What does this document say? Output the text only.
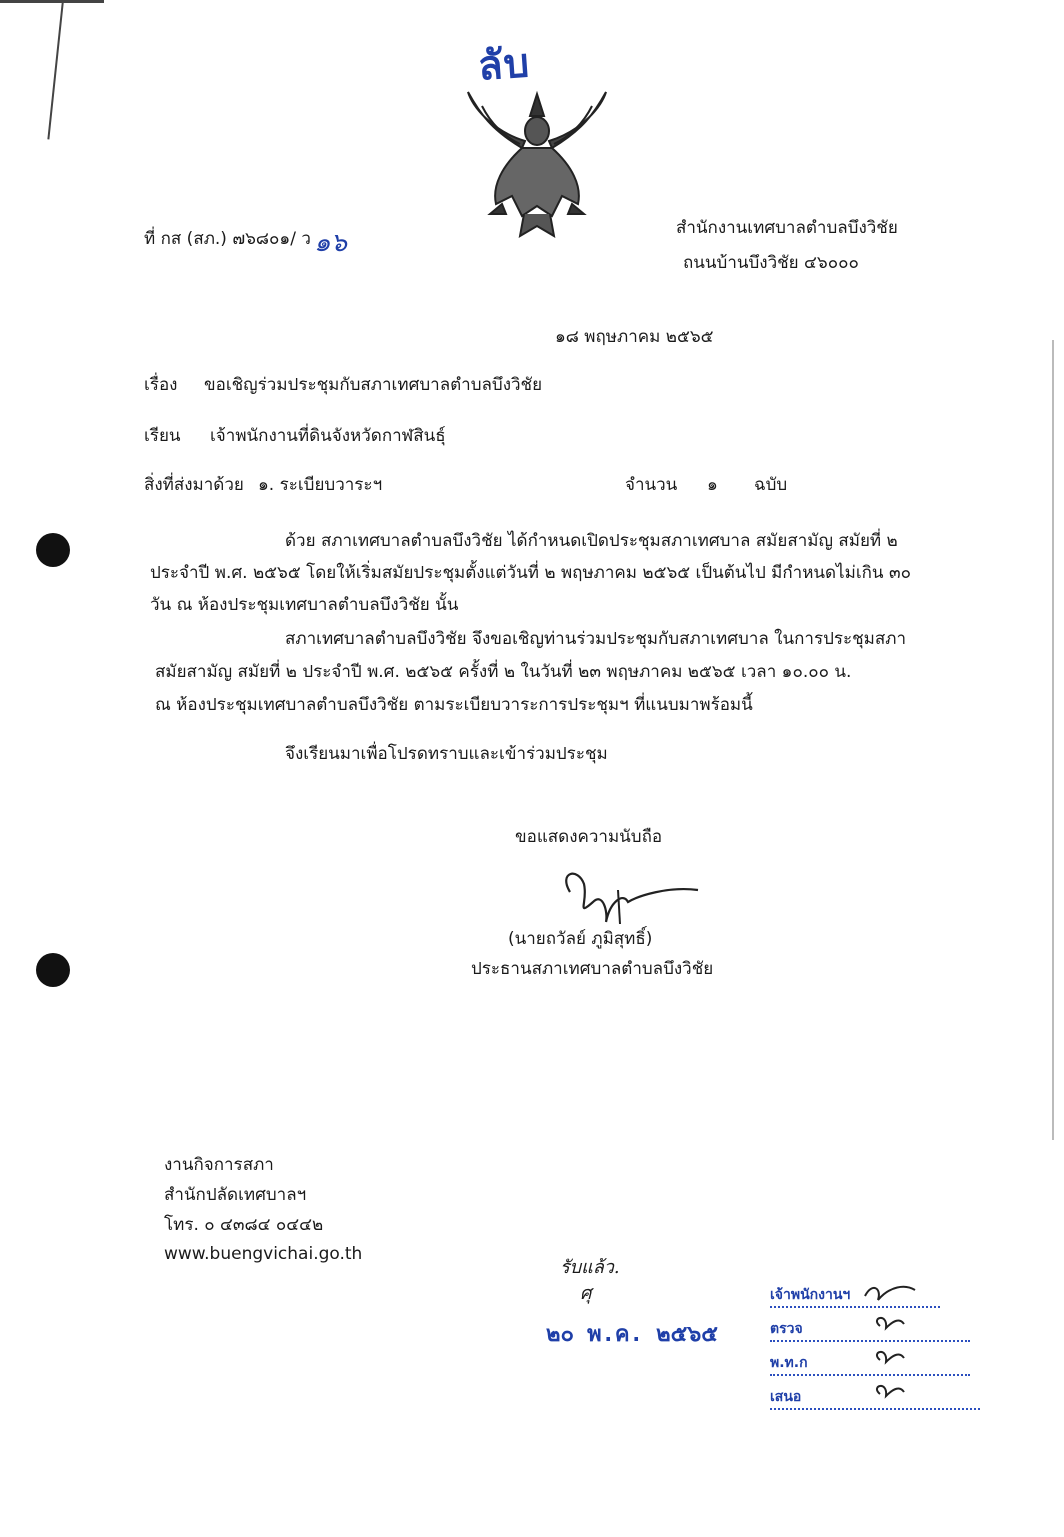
ลับ
ที่ กส (สภ.) ๗๖๘๐๑/ ว ๑๖	สำนักงานเทศบาลตำบลบึงวิชัย
ถนนบ้านบึงวิชัย ๔๖๐๐๐
๑๘ พฤษภาคม ๒๕๖๕
เรื่อง ขอเชิญร่วมประชุมกับสภาเทศบาลตำบลบึงวิชัย
เรียน เจ้าพนักงานที่ดินจังหวัดกาฬสินธุ์
สิ่งที่ส่งมาด้วย ๑. ระเบียบวาระฯ	จำนวน ๑ ฉบับ
ด้วย สภาเทศบาลตำบลบึงวิชัย ได้กำหนดเปิดประชุมสภาเทศบาล สมัยสามัญ สมัยที่ ๒
ประจำปี พ.ศ. ๒๕๖๕ โดยให้เริ่มสมัยประชุมตั้งแต่วันที่ ๒ พฤษภาคม ๒๕๖๕ เป็นต้นไป มีกำหนดไม่เกิน ๓๐
วัน ณ ห้องประชุมเทศบาลตำบลบึงวิชัย นั้น
สภาเทศบาลตำบลบึงวิชัย จึงขอเชิญท่านร่วมประชุมกับสภาเทศบาล ในการประชุมสภา
สมัยสามัญ สมัยที่ ๒ ประจำปี พ.ศ. ๒๕๖๕ ครั้งที่ ๒ ในวันที่ ๒๓ พฤษภาคม ๒๕๖๕ เวลา ๑๐.๐๐ น.
ณ ห้องประชุมเทศบาลตำบลบึงวิชัย ตามระเบียบวาระการประชุมฯ ที่แนบมาพร้อมนี้
จึงเรียนมาเพื่อโปรดทราบและเข้าร่วมประชุม
ขอแสดงความนับถือ
(นายถวัลย์ ภูมิสุทธิ์)
ประธานสภาเทศบาลตำบลบึงวิชัย
งานกิจการสภา
สำนักปลัดเทศบาลฯ
โทร. ๐ ๔๓๘๔ ๐๔๔๒
www.buengvichai.go.th
รับแล้ว.
ศุ
๒๐ พ.ค. ๒๕๖๕
เจ้าพนักงานฯ
ตรวจ
พ.ท.ก
เสนอ
